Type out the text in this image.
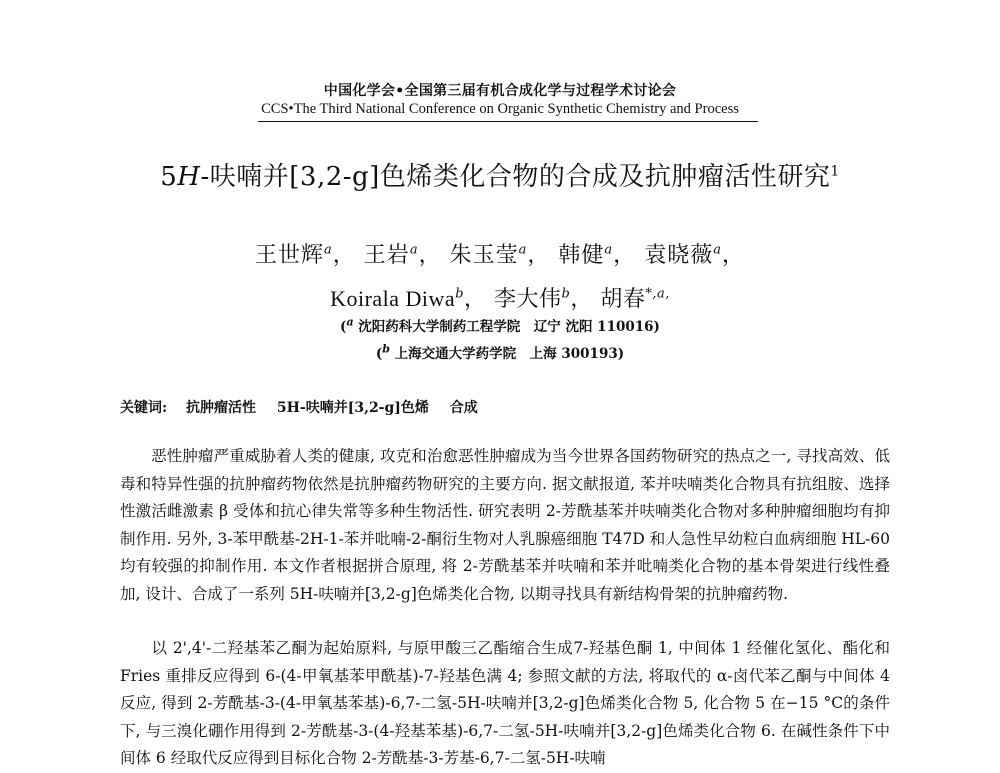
中国化学会•全国第三届有机合成化学与过程学术讨论会
CCS•The Third National Conference on Organic Synthetic Chemistry and Process
5H-呋喃并[3,2-g]色烯类化合物的合成及抗肿瘤活性研究$^1$
王世辉$^a$， 王岩$^a$， 朱玉莹$^a$， 韩健$^a$， 袁晓薇$^a$，
Koirala Diwa$^b$， 李大伟$^b$， 胡春$^{*,a,}$
($^a$ 沈阳药科大学制药工程学院　辽宁 沈阳 110016)
($^b$ 上海交通大学药学院　上海 300193)
关键词: 抗肿瘤活性 5H-呋喃并[3,2-g]色烯 合成
恶性肿瘤严重威胁着人类的健康, 攻克和治愈恶性肿瘤成为当今世界各国药物研究的热点之一, 寻找高效、低毒和特异性强的抗肿瘤药物依然是抗肿瘤药物研究的主要方向. 据文献报道, 苯并呋喃类化合物具有抗组胺、选择性激活雌激素 β 受体和抗心律失常等多种生物活性. 研究表明 2-芳酰基苯并呋喃类化合物对多种肿瘤细胞均有抑制作用. 另外, 3-苯甲酰基-2H-1-苯并吡喃-2-酮衍生物对人乳腺癌细胞 T47D 和人急性早幼粒白血病细胞 HL-60 均有较强的抑制作用. 本文作者根据拼合原理, 将 2-芳酰基苯并呋喃和苯并吡喃类化合物的基本骨架进行线性叠加, 设计、合成了一系列 5H-呋喃并[3,2-g]色烯类化合物, 以期寻找具有新结构骨架的抗肿瘤药物.
以 2',4'-二羟基苯乙酮为起始原料, 与原甲酸三乙酯缩合生成7-羟基色酮 1, 中间体 1 经催化氢化、酯化和 Fries 重排反应得到 6-(4-甲氧基苯甲酰基)-7-羟基色满 4; 参照文献的方法, 将取代的 α-卤代苯乙酮与中间体 4 反应, 得到 2-芳酰基-3-(4-甲氧基苯基)-6,7-二氢-5H-呋喃并[3,2-g]色烯类化合物 5, 化合物 5 在−15 °C的条件下, 与三溴化硼作用得到 2-芳酰基-3-(4-羟基苯基)-6,7-二氢-5H-呋喃并[3,2-g]色烯类化合物 6. 在碱性条件下中间体 6 经取代反应得到目标化合物 2-芳酰基-3-芳基-6,7-二氢-5H-呋喃
